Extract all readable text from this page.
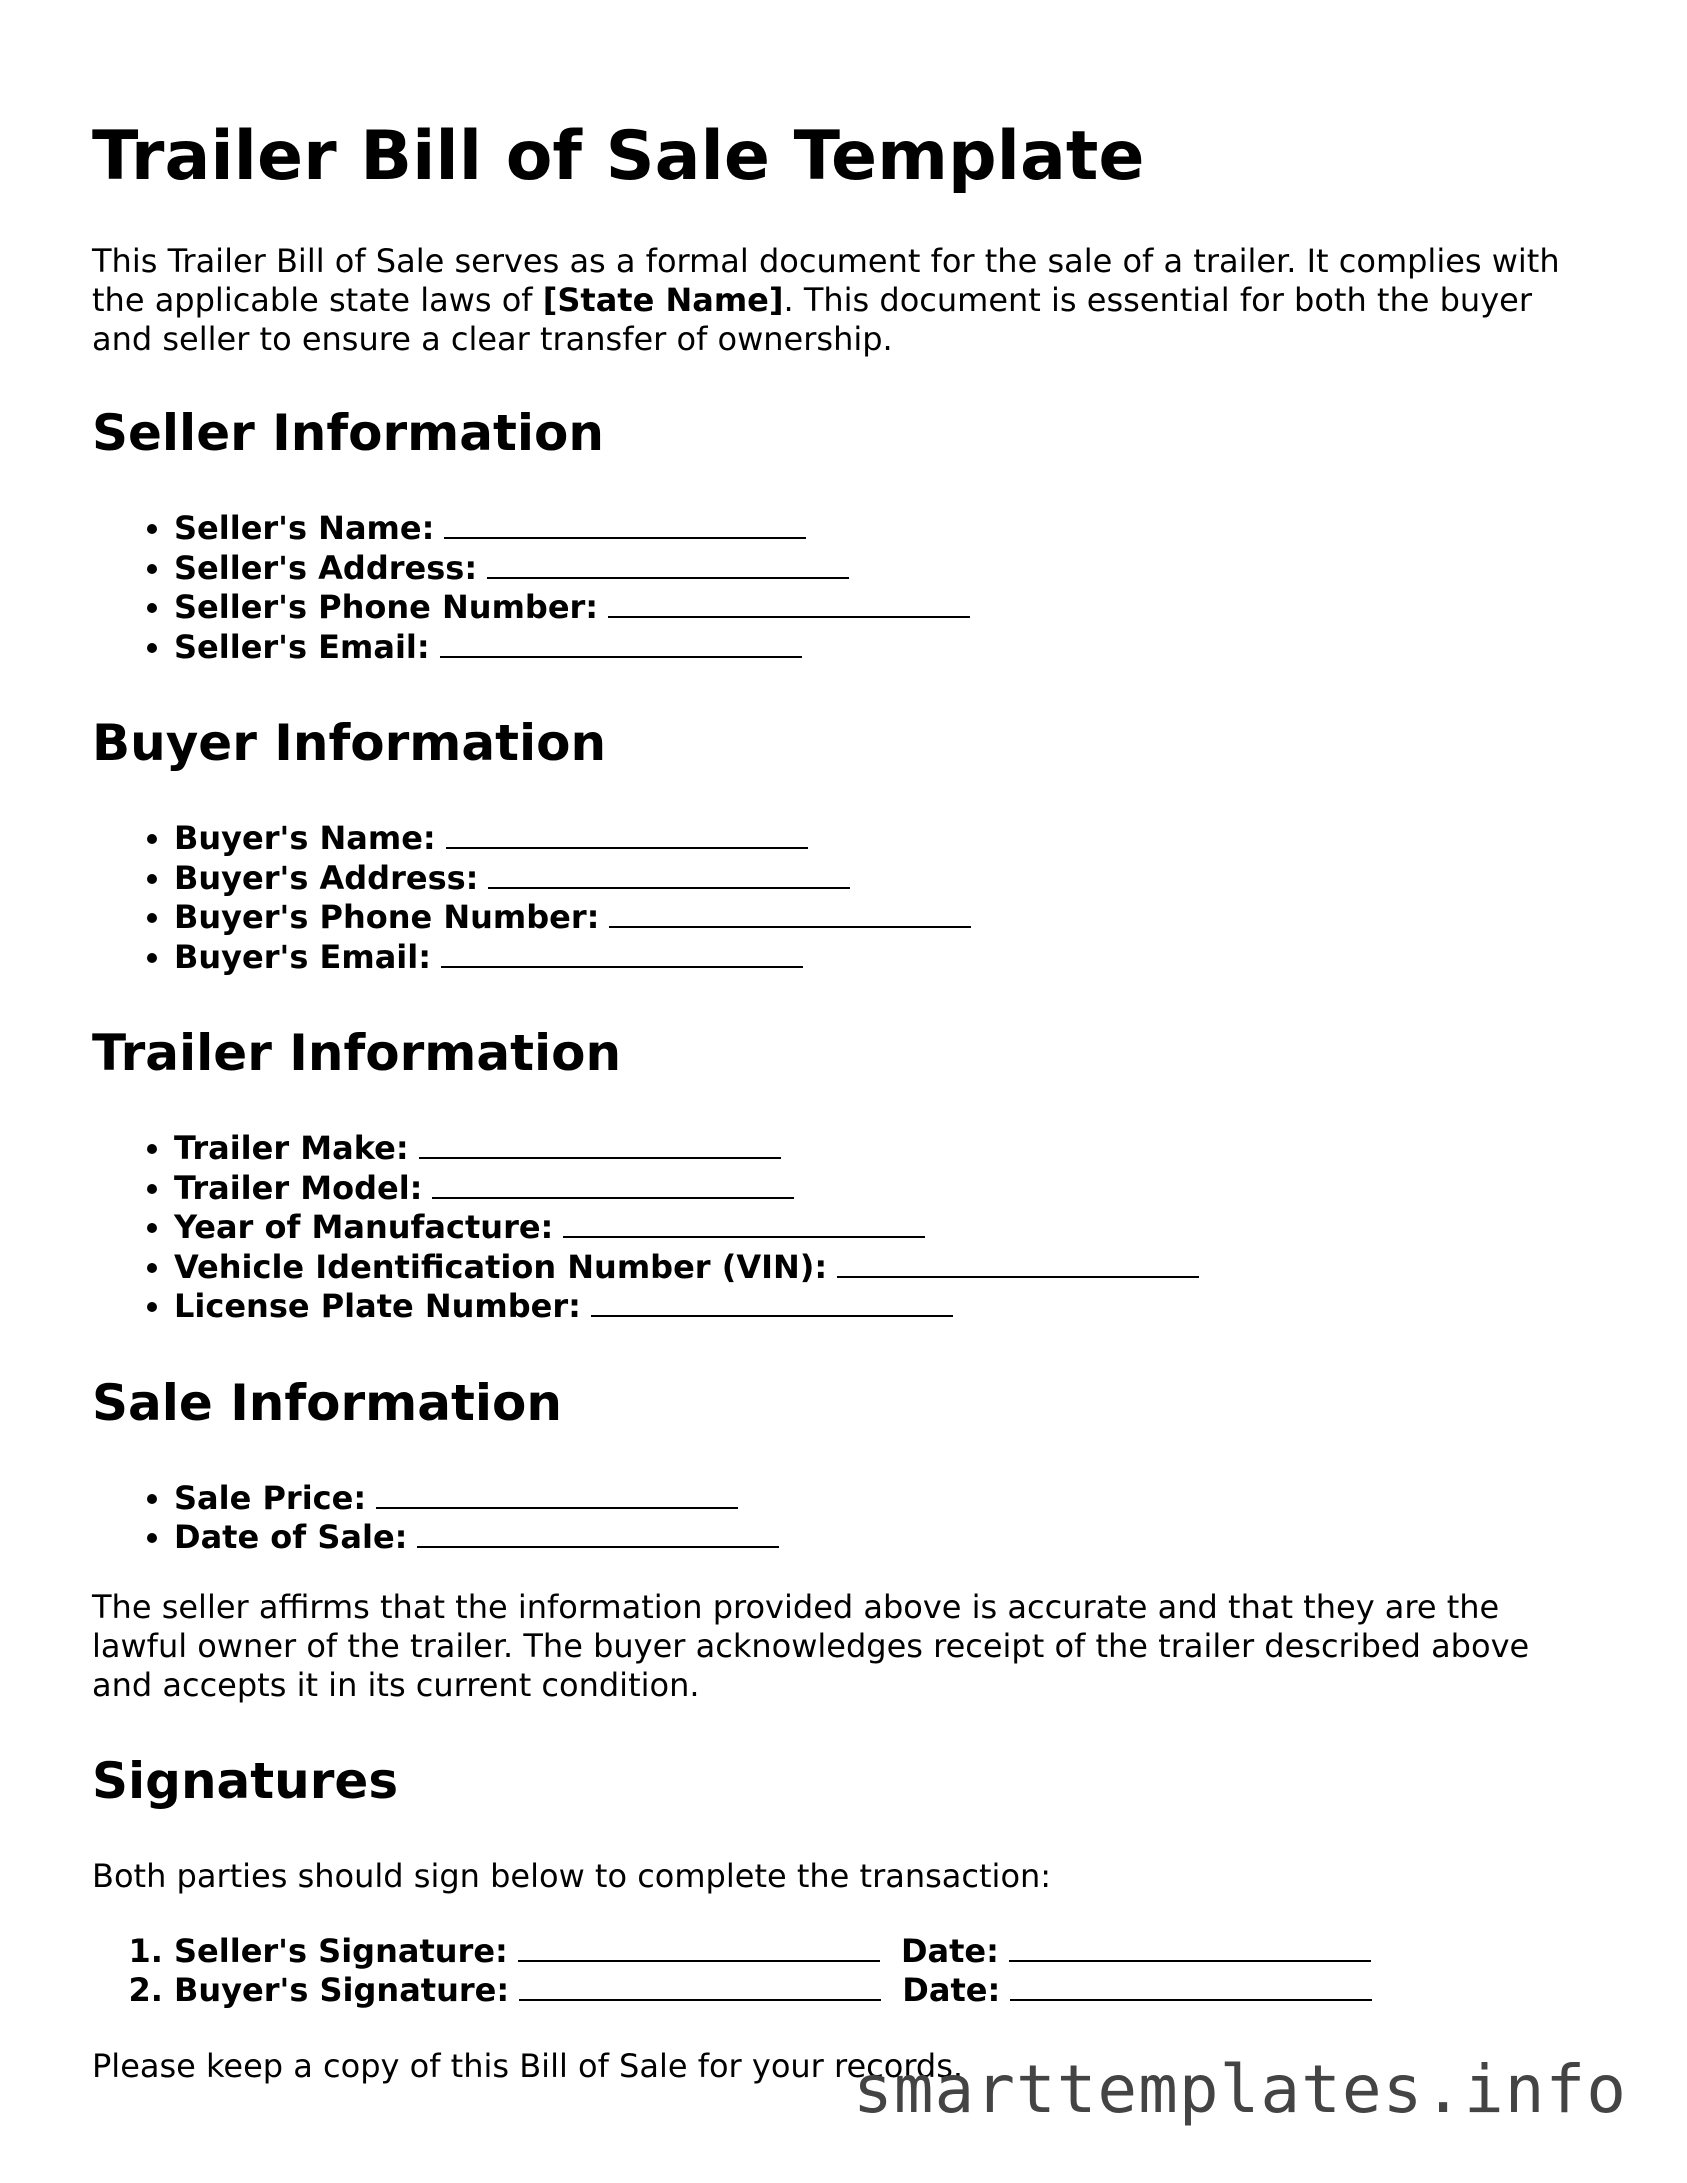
Trailer Bill of Sale Template

This Trailer Bill of Sale serves as a formal document for the sale of a trailer. It complies with the applicable state laws of [State Name]. This document is essential for both the buyer and seller to ensure a clear transfer of ownership.

Seller Information
• Seller's Name:
• Seller's Address:
• Seller's Phone Number:
• Seller's Email:
Buyer Information
• Buyer's Name:
• Buyer's Address:
• Buyer's Phone Number:
• Buyer's Email:
Trailer Information
• Trailer Make:
• Trailer Model:
• Year of Manufacture:
• Vehicle Identification Number (VIN):
• License Plate Number:
Sale Information
• Sale Price:
• Date of Sale:

The seller affirms that the information provided above is accurate and that they are the lawful owner of the trailer. The buyer acknowledges receipt of the trailer described above and accepts it in its current condition.

Signatures

Both parties should sign below to complete the transaction:

1. Seller's Signature:	Date:
2. Buyer's Signature:	Date:

Please keep a copy of this Bill of Sale for your records.

smarttemplates.info
